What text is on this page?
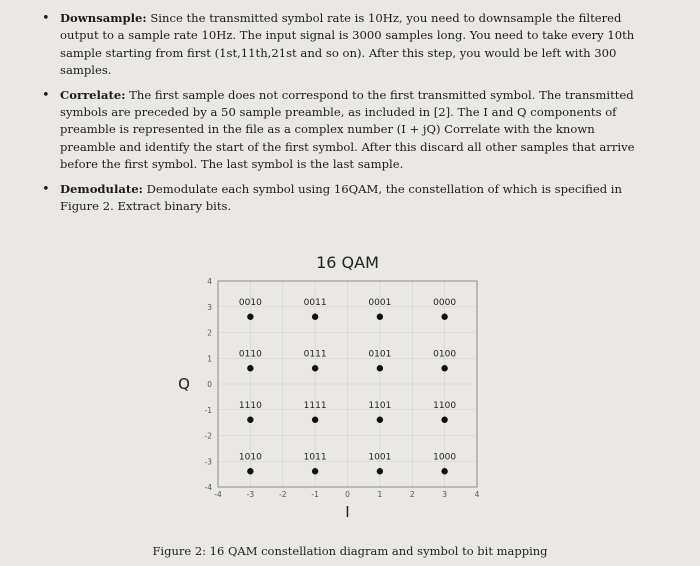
• Downsample: Since the transmitted symbol rate is 10Hz, you need to downsample the filtered output to a sample rate 10Hz. The input signal is 3000 samples long. You need to take every 10th sample starting from first (1st,11th,21st and so on). After this step, you would be left with 300 samples.
• Correlate: The first sample does not correspond to the first transmitted symbol. The transmitted symbols are preceded by a 50 sample preamble, as included in [2]. The I and Q components of preamble is represented in the file as a complex number (I + jQ) Correlate with the known preamble and identify the start of the first symbol. After this discard all other samples that arrive before the first symbol. The last symbol is the last sample.
• Demodulate: Demodulate each symbol using 16QAM, the constellation of which is specified in Figure 2. Extract binary bits.
-4	-3	-2	-1	0	1	2	3	4
4
3
2
1
0
-1
-2
-3
-4
0010	0011	0001	0000
0110	0111	0101	0100
1110	1111	1101	1100
1010	1011	1001	1000
16 QAM
I
Q
Figure 2: 16 QAM constellation diagram and symbol to bit mapping
